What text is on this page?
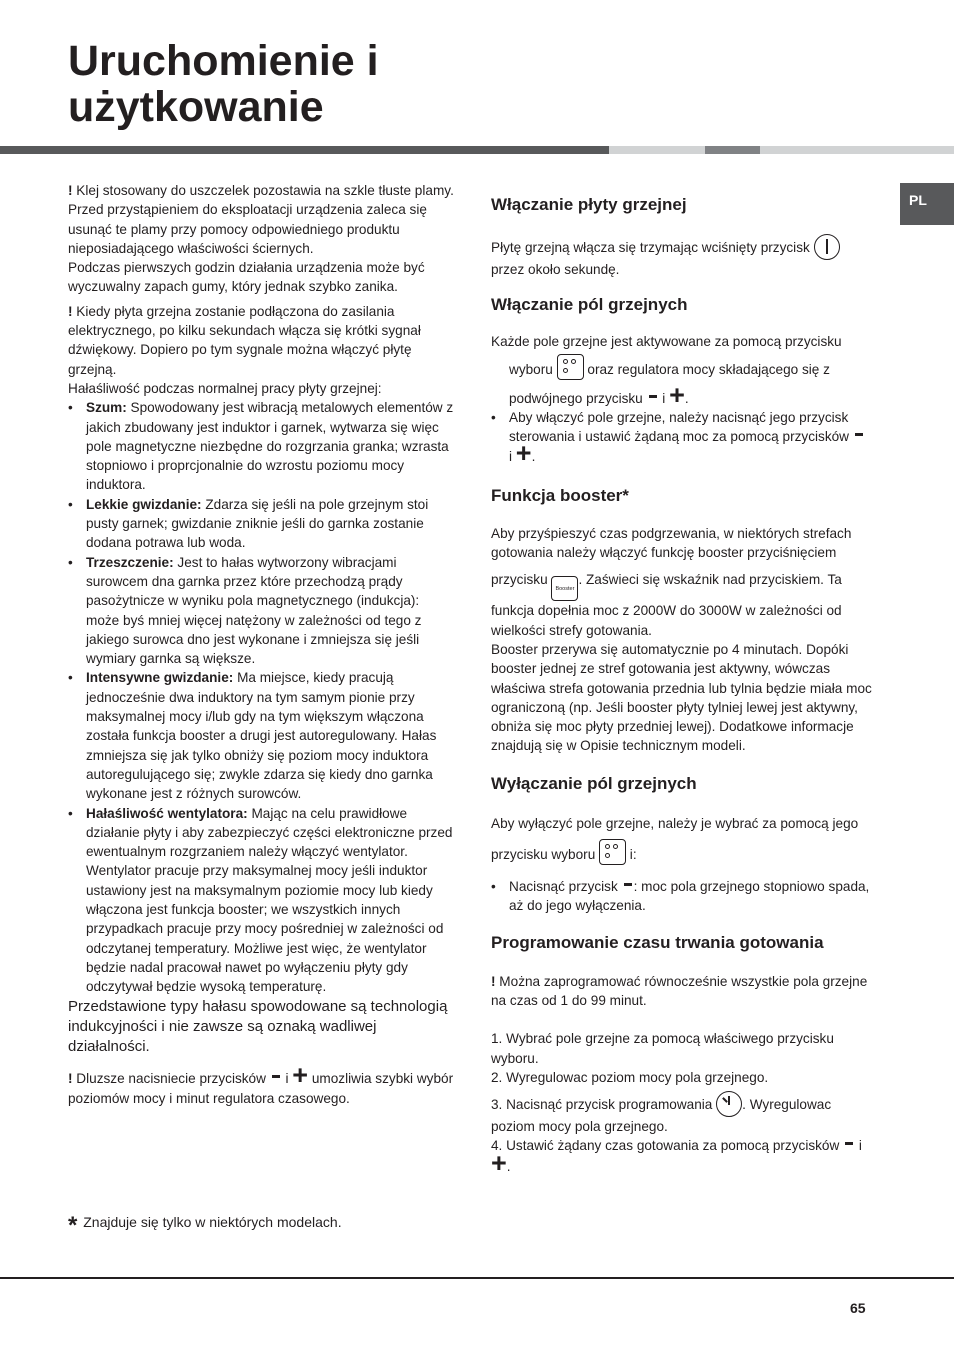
Uruchomienie i
użytkowanie
PL

! Klej stosowany do uszczelek pozostawia na szkle tłuste plamy. Przed przystąpieniem do eksploatacji urządzenia zaleca się usunąć te plamy przy pomocy odpowiedniego produktu nieposiadającego właściwości ściernych.

Podczas pierwszych godzin działania urządzenia może być wyczuwalny zapach gumy, który jednak szybko zanika.

! Kiedy płyta grzejna zostanie podłączona do zasilania elektrycznego, po kilku sekundach włącza się krótki sygnał dźwiękowy. Dopiero po tym sygnale można włączyć płytę grzejną.

Hałaśliwość podczas normalnej pracy płyty grzejnej:

• Szum: Spowodowany jest wibracją metalowych elementów z jakich zbudowany jest induktor i garnek, wytwarza się więc pole magnetyczne niezbędne do rozgrzania granka; wzrasta stopniowo i proprcjonalnie do wzrostu poziomu mocy induktora.
• Lekkie gwizdanie: Zdarza się jeśli na pole grzejnym stoi pusty garnek; gwizdanie zniknie jeśli do garnka zostanie dodana potrawa lub woda.
• Trzeszczenie: Jest to hałas wytworzony wibracjami surowcem dna garnka przez które przechodzą prądy pasożytnicze w wyniku pola magnetycznego (indukcja): może byś mniej więcej natężony w zależności od tego z jakiego surowca dno jest wykonane i zmniejsza się jeśli wymiary garnka są większe.
• Intensywne gwizdanie: Ma miejsce, kiedy pracują jednocześnie dwa induktory na tym samym pionie przy maksymalnej mocy i/lub gdy na tym większym włączona została funkcja booster a drugi jest autoregulowany. Hałas zmniejsza się jak tylko obniży się poziom mocy induktora autoregulującego się; zwykle zdarza się kiedy dno garnka wykonane jest z różnych surowców.
• Hałaśliwość wentylatora: Mając na celu prawidłowe działanie płyty i aby zabezpieczyć części elektroniczne przed ewentualnym rozgrzaniem należy włączyć wentylator. Wentylator pracuje przy maksymalnej mocy jeśli induktor ustawiony jest na maksymalnym poziomie mocy lub kiedy włączona jest funkcja booster; we wszystkich innych przypadkach pracuje przy mocy pośredniej w zależności od odczytanej temperatury. Możliwe jest więc, że wentylator będzie nadal pracował nawet po wyłączeniu płyty gdy odczytywał będzie wysoką temperaturę.

Przedstawione typy hałasu spowodowane są technologią indukcyjności i nie zawsze są oznaką wadliwej działalności.

! Dluzsze nacisniecie przycisków  i + umozliwia szybki wybór poziomów mocy i minut regulatora czasowego.

* Znajduje się tylko w niektórych modelach.
Włączanie płyty grzejnej

Płytę grzejną włącza się trzymając wciśnięty przycisk
przez około sekundę.

Włączanie pól grzejnych

Każde pole grzejne jest aktywowane za pomocą przycisku

wyboru
oraz regulatora mocy składającego się z

podwójnego przycisku  i +.

• Aby włączyć pole grzejne, należy nacisnąć jego przycisk sterowania i ustawić żądaną moc za pomocą przycisków
i +.

Funkcja booster*

Aby przyśpieszyć czas podgrzewania, w niektórych strefach gotowania należy włączyć funkcję booster przyciśnięciem

przycisku Booster. Zaświeci się wskaźnik nad przyciskiem. Ta funkcja dopełnia moc z 2000W do 3000W w zależności od wielkości strefy gotowania.

Booster przerywa się automatycznie po 4 minutach. Dopóki booster jednej ze stref gotowania jest aktywny, wówczas właściwa strefa gotowania przednia lub tylnia będzie miała moc ograniczoną (np. Jeśli booster płyty tylniej lewej jest aktywny, obniża się moc płyty przedniej lewej). Dodatkowe informacje znajdują się w Opisie technicznym modeli.

Wyłączanie pól grzejnych

Aby wyłączyć pole grzejne, należy je wybrać za pomocą jego

przycisku wyboru
i:

• Nacisnąć przycisk : moc pola grzejnego stopniowo spada, aż do jego wyłączenia.

Programowanie czasu trwania gotowania

! Można zaprogramować równocześnie wszystkie pola grzejne na czas od 1 do 99 minut.

1. Wybrać pole grzejne za pomocą właściwego przycisku wyboru.

2. Wyregulowac poziom mocy pola grzejnego.

3. Nacisnąć przycisk programowania . Wyregulowac poziom mocy pola grzejnego.

4. Ustawić żądany czas gotowania za pomocą przycisków  i
+.

65
